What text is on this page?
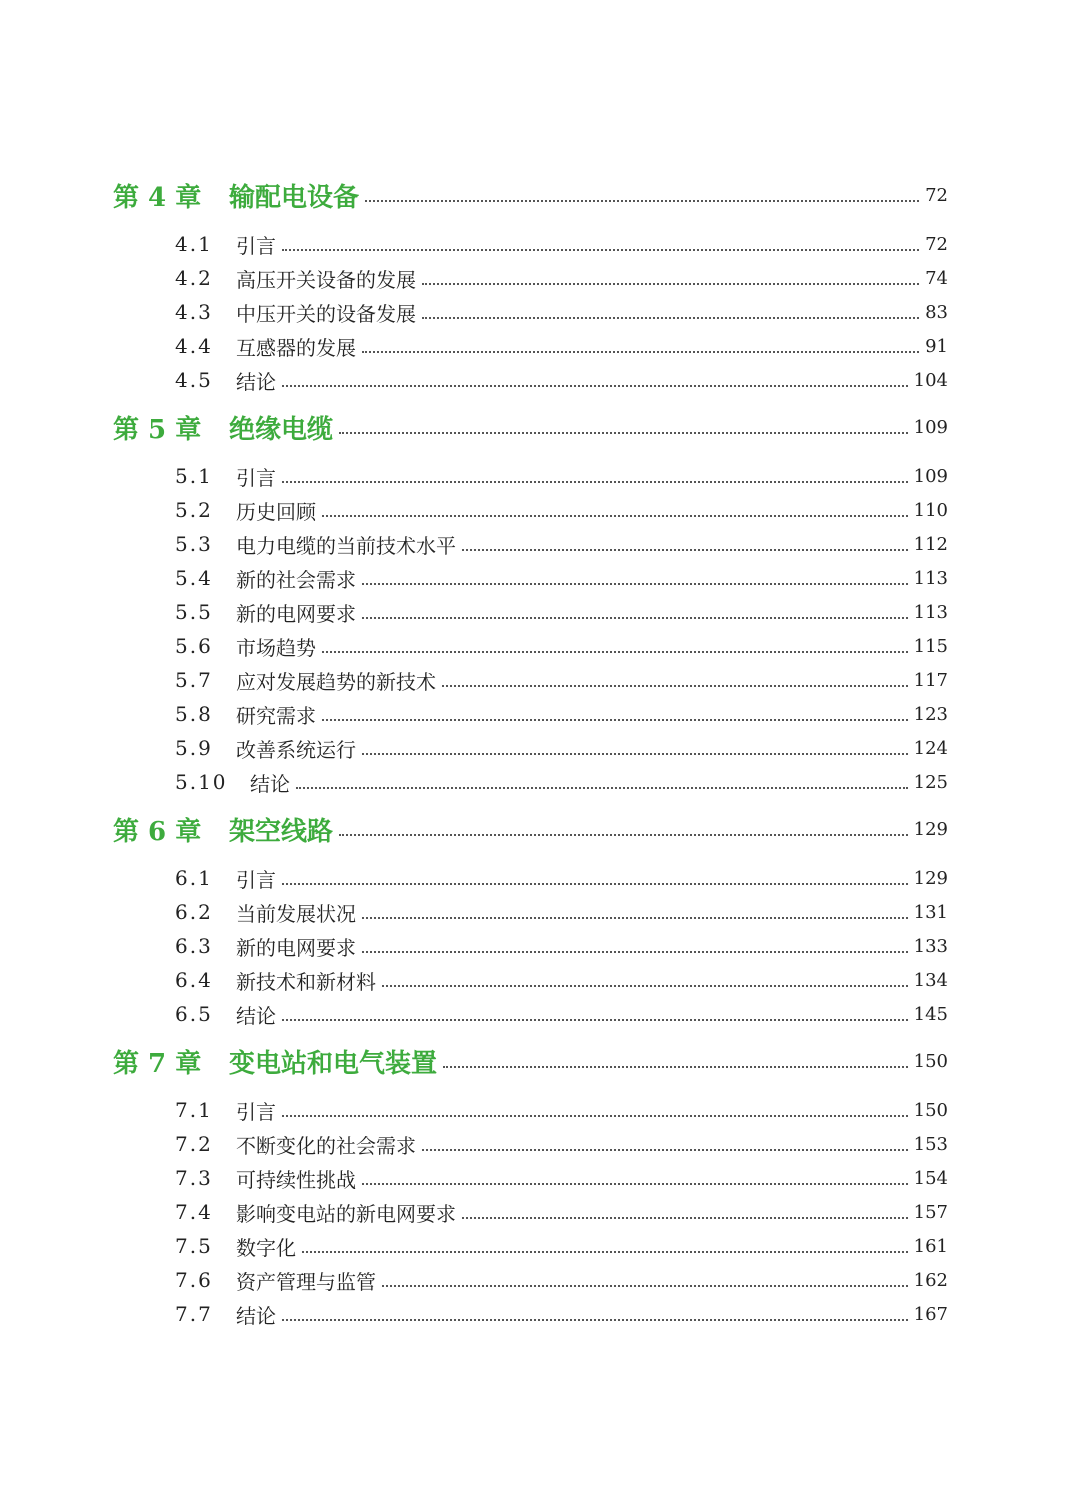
第 4 章	输配电设备	72
4.1	引言	72
4.2	高压开关设备的发展	74
4.3	中压开关的设备发展	83
4.4	互感器的发展	91
4.5	结论	104
第 5 章	绝缘电缆	109
5.1	引言	109
5.2	历史回顾	110
5.3	电力电缆的当前技术水平	112
5.4	新的社会需求	113
5.5	新的电网要求	113
5.6	市场趋势	115
5.7	应对发展趋势的新技术	117
5.8	研究需求	123
5.9	改善系统运行	124
5.10	结论	125
第 6 章	架空线路	129
6.1	引言	129
6.2	当前发展状况	131
6.3	新的电网要求	133
6.4	新技术和新材料	134
6.5	结论	145
第 7 章	变电站和电气装置	150
7.1	引言	150
7.2	不断变化的社会需求	153
7.3	可持续性挑战	154
7.4	影响变电站的新电网要求	157
7.5	数字化	161
7.6	资产管理与监管	162
7.7	结论	167
